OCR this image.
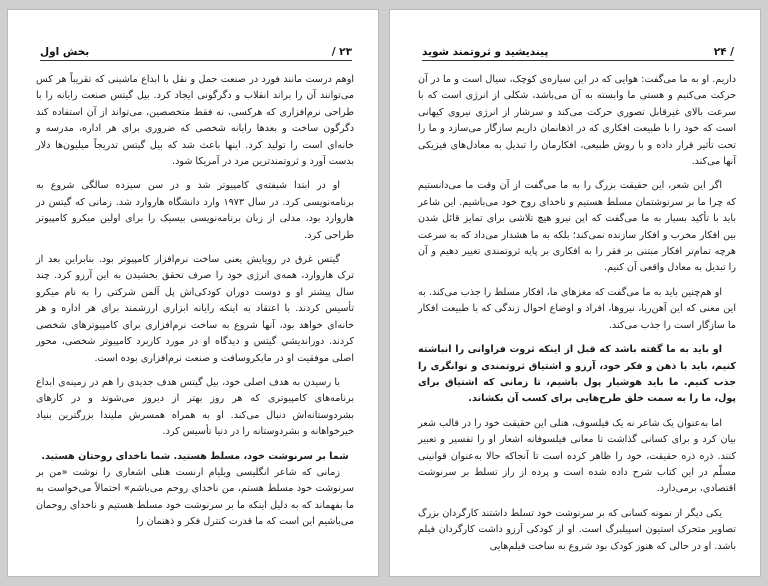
بخش اول	/ ۲۳

اوهم درست مانند فورد در صنعت حمل و نقل با ابداع ماشینی که تقریباً هر کس می‌توانند آن را براند انقلاب و دگرگونی ایجاد کرد. بیل گیتس صنعت رایانه را با طراحی نرم‌افزاری که هرکسی، نه فقط متخصصین، می‌تواند از آن استفاده کند دگرگون ساخت و بعدها رایانه شخصی که ضروری برای هر اداره، مدرسه و خانه‌ای است را تولید کرد. اینها باعث شد که بیل گیتس تدریجاً میلیون‌ها دلار بدست آورد و ثروتمندترین مرد در آمریکا شود.

او در ابتدا شیفته‌ی کامپیوتر شد و در سن سیزده سالگی شروع به برنامه‌نویسی کرد. در سال ۱۹۷۳ وارد دانشگاه هاروارد شد. زمانی که گیتس در هاروارد بود، مدلی از زبان برنامه‌نویسی بیسیک را برای اولین میکرو کامپیوتر طراحی کرد.

گیتس غرق در رویایش یعنی ساخت نرم‌افزار کامپیوتر بود. بنابراین بعد از ترک هاروارد، همه‌ی انرژی خود را صرف تحقق بخشیدن به این آرزو کرد. چند سال پیشتر او و دوست دوران کودکی‌اش پل آلمن شرکتی را به نام میکرو تأسیس کردند. با اعتقاد به اینکه رایانه ابزاری ارزشمند برای هر اداره و هر خانه‌ای خواهد بود، آنها شروع به ساخت نرم‌افزاری برای کامپیوترهای شخصی کردند. دورانديشي گیتس و دیدگاه او در مورد کاربرد کامپیوتر شخصی، محور اصلی موفقیت او در مایکروسافت و صنعت نرم‌افزاری بوده است.

با رسیدن به هدف اصلی خود، بیل گیتس هدف جدیدی را هم در زمینه‌ی ابداع برنامه‌های کامپیوتری که هر روز بهتر از دیروز می‌شوند و در کارهای بشردوستانه‌اش دنبال می‌کند. او به همراه همسرش ملیندا بزرگترین بنیاد خیرخواهانه و بشردوستانه را در دنیا تأسیس کرد.

شما بر سرنوشت خود، مسلط هستید. شما ناخدای روحتان هستید.

زمانی که شاعر انگلیسی ویلیام ارنست هنلی اشعاری را نوشت «من بر سرنوشت خود مسلط هستم، من ناخدای روحم می‌باشم» احتمالاً می‌خواست به ما بفهماند که به دلیل اینکه ما بر سرنوشت خود مسلط هستیم و ناخدای روحمان می‌باشیم این است که ما قدرت کنترل فکر و ذهنمان را

۲۴ /
پیندیشید و ثروتمند شوید

داریم. او به ما می‌گفت: هوایی که در این سیاره‌ی کوچک، سیال است و ما در آن حرکت می‌کنیم و هستی ما وابسته به آن می‌باشد، شکلی از انرژی است که با سرعت بالای غیرقابل تصوری حرکت می‌کند و سرشار از انرژی نیروی کیهانی است که خود را با طبیعت افکاری که در اذهانمان داریم سازگار می‌سازد و ما را تحت تأثیر قرار داده و با روش طبیعی، افکارمان را تبدیل به معادل‌های فیزیکی آنها می‌کند.

اگر این شعر، این حقیقت بزرگ را به ما می‌گفت از آن وقت ما می‌دانستیم که چرا ما بر سرنوشتمان مسلط هستیم و ناخدای روح خود می‌باشیم. این شاعر باید با تأکید بسیار به ما می‌گفت که این نیرو هیچ تلاشی برای تمایز قائل شدن بین افکار مخرب و افکار سازنده نمی‌کند؛ بلکه به ما هشدار می‌داد که به سرعت هرچه تمام‌تر افکار مبتنی بر فقر را به افکاری بر پایه ثروتمندی تغییر دهیم و آن را تبدیل به معادل واقعی آن کنیم.

او هم‌چنین باید به ما می‌گفت که مغزهای ما، افکار مسلط را جذب می‌کند. به این معنی که این آهن‌ربا، نیروها، افراد و اوضاع احوال زندگی که با طبیعت افکار ما سازگار است را جذب می‌کند.

او باید به ما گفته باشد که قبل از اینکه ثروت فراوانی را انباشته کنیم، باید با ذهن و فکر خود، آرزو و اشتیاق ثروتمندی و توانگری را جذب کنیم. ما باید هوشیار پول باشیم، تا زمانی که اشتیاق برای پول، ما را به سمت خلق طرح‌هایی برای کسب آن بکشاند.

اما به‌عنوان یک شاعر نه یک فیلسوف، هنلی این حقیقت خود را در قالب شعر بیان کرد و برای کسانی گذاشت تا معانی فیلسوفانه اشعار او را تفسیر و تعبیر کنند. ذره ذره حقیقت، خود را ظاهر کرده است تا آنجاکه حالا به‌عنوان قوانینی مسلّم در این کتاب شرح داده شده است و پرده از راز تسلط بر سرنوشت اقتصادی، برمی‌دارد.

یکی دیگر از نمونه کسانی که بر سرنوشت خود تسلط داشتند کارگردان بزرگ تصاویر متحرک استیون اسپیلبرگ است. او از کودکی آرزو داشت کارگردان فیلم باشد. او در حالی که هنوز کودک بود شروع به ساخت فیلم‌هایی
